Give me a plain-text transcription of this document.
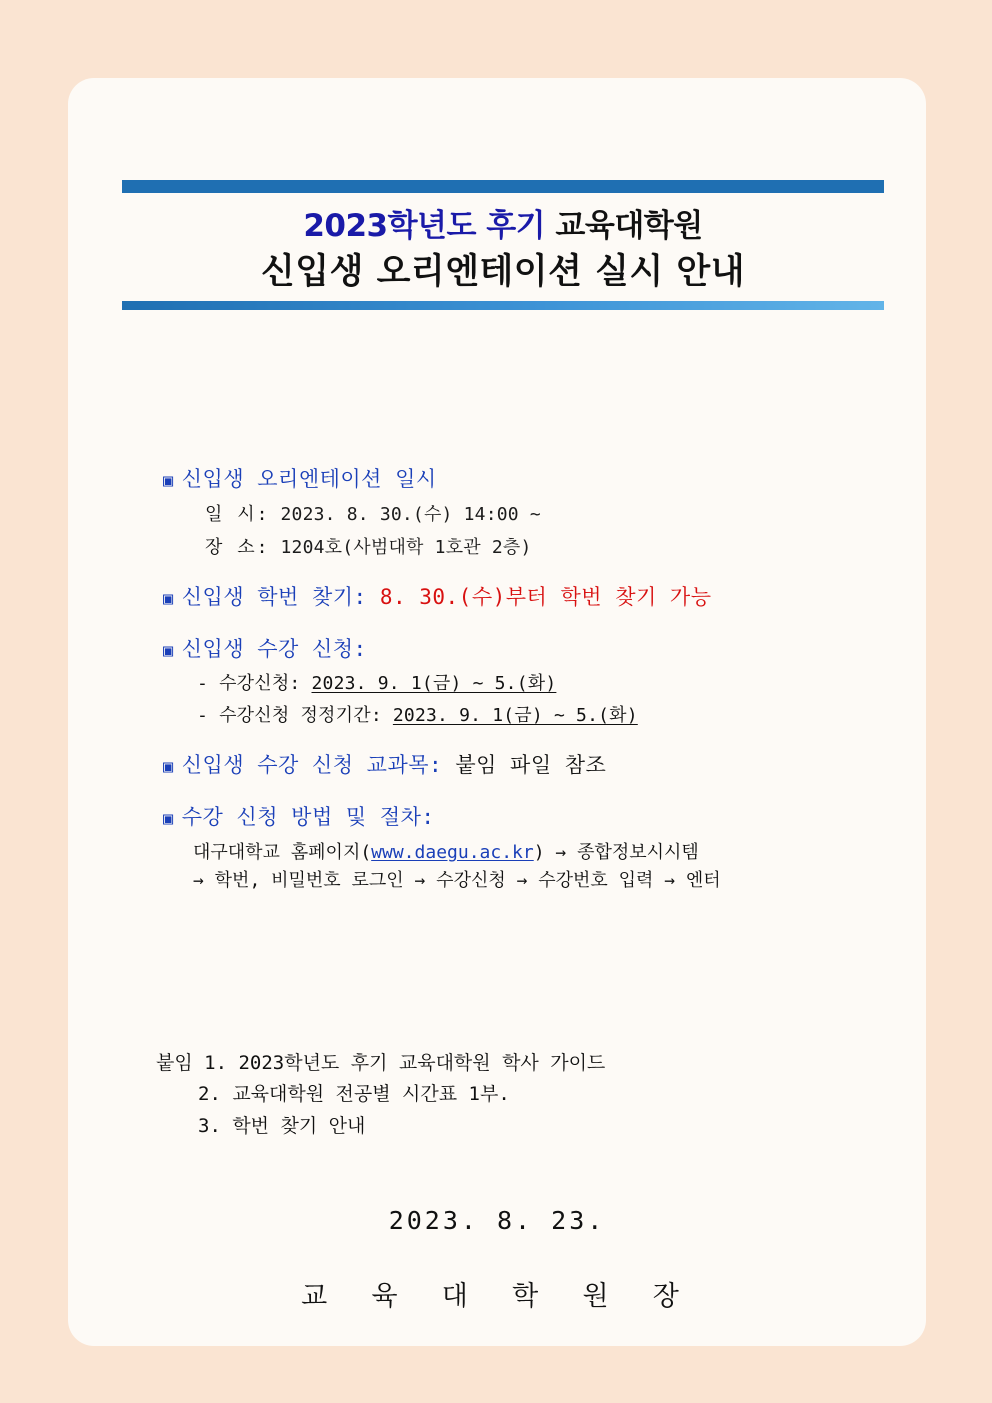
2023학년도 후기 교육대학원
신입생 오리엔테이션 실시 안내
▣ 신입생 오리엔테이션 일시
일 시: 2023. 8. 30.(수) 14:00 ~
장 소: 1204호(사범대학 1호관 2층)
▣ 신입생 학번 찾기: 8. 30.(수)부터 학번 찾기 가능
▣ 신입생 수강 신청:
- 수강신청: 2023. 9. 1(금) ~ 5.(화)
- 수강신청 정정기간: 2023. 9. 1(금) ~ 5.(화)
▣ 신입생 수강 신청 교과목: 붙임 파일 참조
▣ 수강 신청 방법 및 절차:
대구대학교 홈페이지(www.daegu.ac.kr) → 종합정보시시템
→ 학번, 비밀번호 로그인 → 수강신청 → 수강번호 입력 → 엔터
붙임 1. 2023학년도 후기 교육대학원 학사 가이드
2. 교육대학원 전공별 시간표 1부.
3. 학번 찾기 안내
2023. 8. 23.
교 육 대 학 원 장
